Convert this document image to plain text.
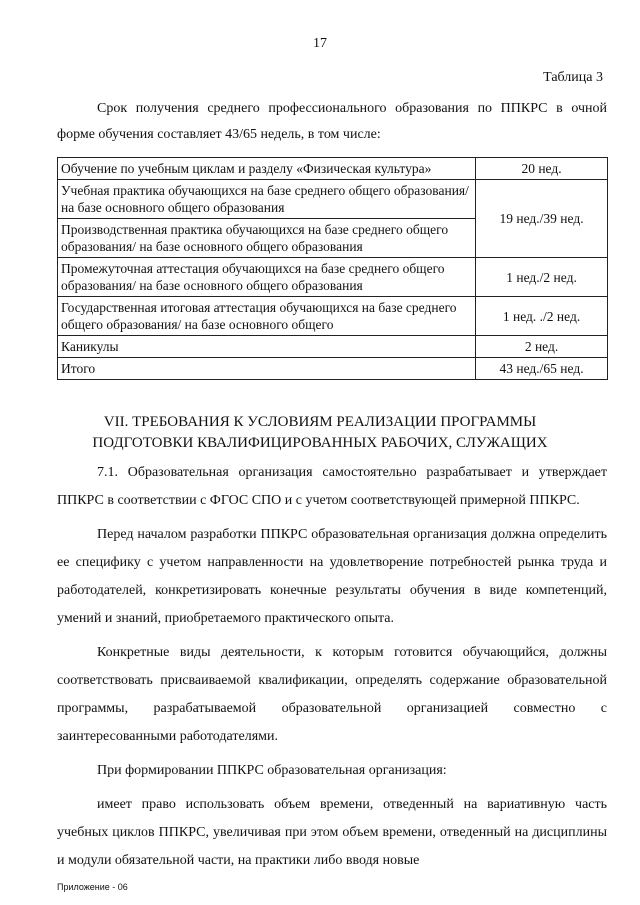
17
Таблица 3
Срок получения среднего профессионального образования по ППКРС в очной форме обучения составляет 43/65 недель, в том числе:
Обучение по учебным циклам и разделу «Физическая культура»	20 нед.
Учебная практика обучающихся на базе среднего общего образования/ на базе основного общего образования	19 нед./39 нед.
Производственная практика обучающихся на базе среднего общего образования/ на базе основного общего образования	
Промежуточная аттестация обучающихся на базе среднего общего образования/ на базе основного общего образования	1 нед./2 нед.
Государственная итоговая аттестация обучающихся на базе среднего общего образования/ на базе основного общего	1 нед. ./2 нед.
Каникулы	2 нед.
Итого	43 нед./65 нед.
VII. ТРЕБОВАНИЯ К УСЛОВИЯМ РЕАЛИЗАЦИИ ПРОГРАММЫ
ПОДГОТОВКИ КВАЛИФИЦИРОВАННЫХ РАБОЧИХ, СЛУЖАЩИХ

7.1. Образовательная организация самостоятельно разрабатывает и утверждает ППКРС в соответствии с ФГОС СПО и с учетом соответствующей примерной ППКРС.

Перед началом разработки ППКРС образовательная организация должна определить ее специфику с учетом направленности на удовлетворение потребностей рынка труда и работодателей, конкретизировать конечные результаты обучения в виде компетенций, умений и знаний, приобретаемого практического опыта.

Конкретные виды деятельности, к которым готовится обучающийся, должны соответствовать присваиваемой квалификации, определять содержание образовательной программы, разрабатываемой образовательной организацией совместно с заинтересованными работодателями.

При формировании ППКРС образовательная организация:

имеет право использовать объем времени, отведенный на вариативную часть учебных циклов ППКРС, увеличивая при этом объем времени, отведенный на дисциплины и модули обязательной части, на практики либо вводя новые

Приложение - 06
